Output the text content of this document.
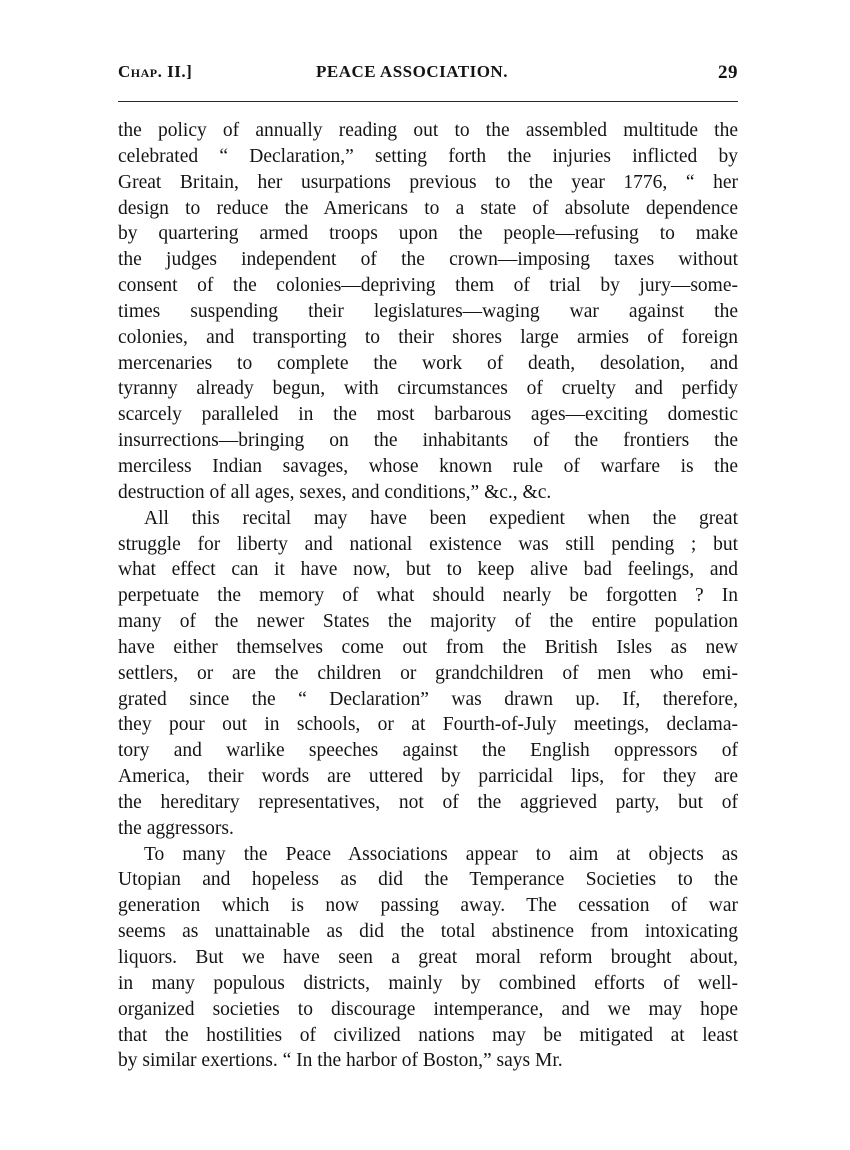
Chap. II.]	PEACE ASSOCIATION.	29
the policy of annually reading out to the assembled multitude the
celebrated “ Declaration,” setting forth the injuries inflicted by
Great Britain, her usurpations previous to the year 1776, “ her
design to reduce the Americans to a state of absolute dependence
by quartering armed troops upon the people—refusing to make
the judges independent of the crown—imposing taxes without
consent of the colonies—depriving them of trial by jury—some-
times suspending their legislatures—waging war against the
colonies, and transporting to their shores large armies of foreign
mercenaries to complete the work of death, desolation, and
tyranny already begun, with circumstances of cruelty and perfidy
scarcely paralleled in the most barbarous ages—exciting domestic
insurrections—bringing on the inhabitants of the frontiers the
merciless Indian savages, whose known rule of warfare is the
destruction of all ages, sexes, and conditions,” &c., &c.
All this recital may have been expedient when the great
struggle for liberty and national existence was still pending ; but
what effect can it have now, but to keep alive bad feelings, and
perpetuate the memory of what should nearly be forgotten ? In
many of the newer States the majority of the entire population
have either themselves come out from the British Isles as new
settlers, or are the children or grandchildren of men who emi-
grated since the “ Declaration” was drawn up. If, therefore,
they pour out in schools, or at Fourth-of-July meetings, declama-
tory and warlike speeches against the English oppressors of
America, their words are uttered by parricidal lips, for they are
the hereditary representatives, not of the aggrieved party, but of
the aggressors.
To many the Peace Associations appear to aim at objects as
Utopian and hopeless as did the Temperance Societies to the
generation which is now passing away. The cessation of war
seems as unattainable as did the total abstinence from intoxicating
liquors. But we have seen a great moral reform brought about,
in many populous districts, mainly by combined efforts of well-
organized societies to discourage intemperance, and we may hope
that the hostilities of civilized nations may be mitigated at least
by similar exertions. “ In the harbor of Boston,” says Mr.
